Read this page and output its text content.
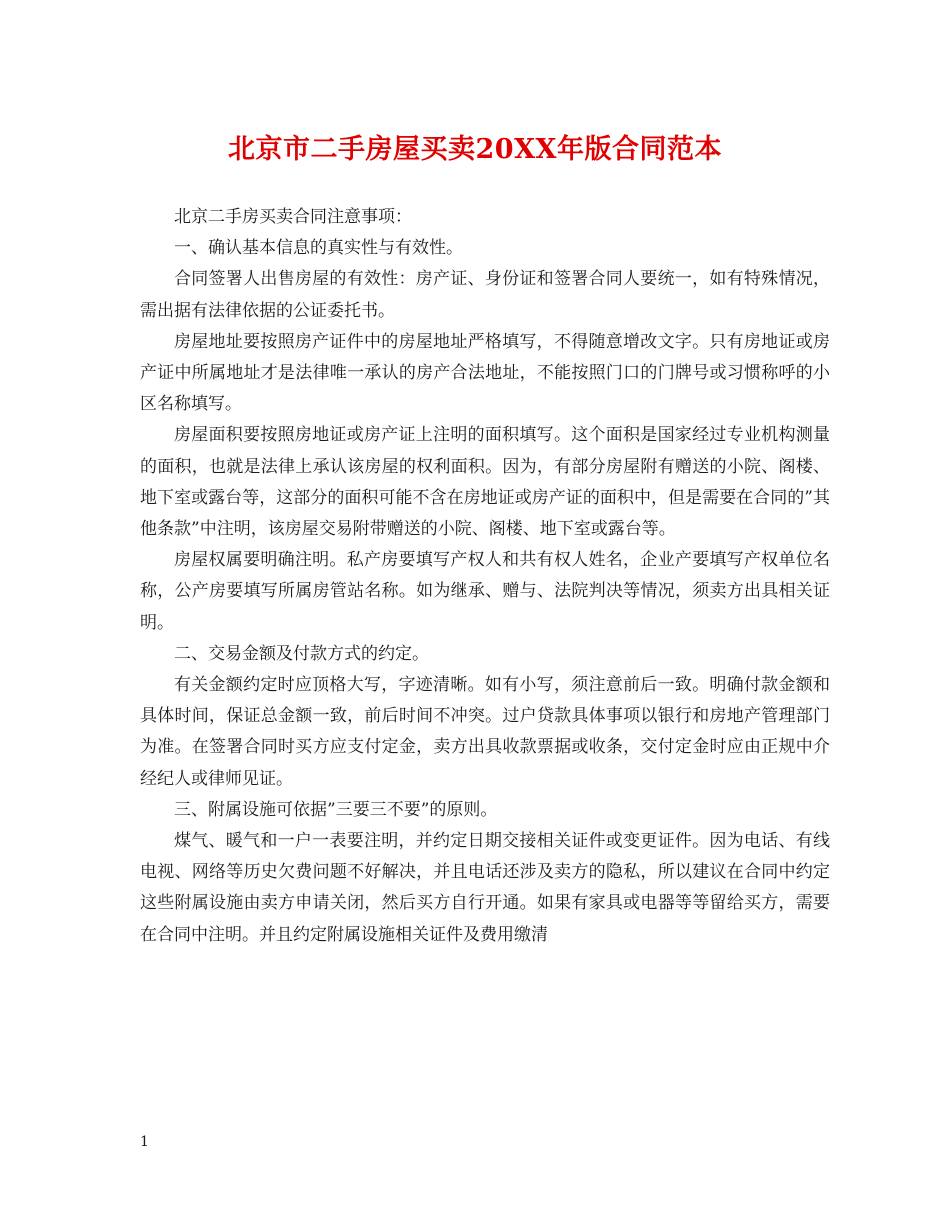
北京市二手房屋买卖20XX年版合同范本

北京二手房买卖合同注意事项：

一、确认基本信息的真实性与有效性。

合同签署人出售房屋的有效性：房产证、身份证和签署合同人要统一，如有特殊情况，需出据有法律依据的公证委托书。

房屋地址要按照房产证件中的房屋地址严格填写，不得随意增改文字。只有房地证或房产证中所属地址才是法律唯一承认的房产合法地址，不能按照门口的门牌号或习惯称呼的小区名称填写。

房屋面积要按照房地证或房产证上注明的面积填写。这个面积是国家经过专业机构测量的面积，也就是法律上承认该房屋的权利面积。因为，有部分房屋附有赠送的小院、阁楼、地下室或露台等，这部分的面积可能不含在房地证或房产证的面积中，但是需要在合同的”其他条款”中注明，该房屋交易附带赠送的小院、阁楼、地下室或露台等。

房屋权属要明确注明。私产房要填写产权人和共有权人姓名，企业产要填写产权单位名称，公产房要填写所属房管站名称。如为继承、赠与、法院判决等情况，须卖方出具相关证明。

二、交易金额及付款方式的约定。

有关金额约定时应顶格大写，字迹清晰。如有小写，须注意前后一致。明确付款金额和具体时间，保证总金额一致，前后时间不冲突。过户贷款具体事项以银行和房地产管理部门为准。在签署合同时买方应支付定金，卖方出具收款票据或收条，交付定金时应由正规中介经纪人或律师见证。

三、附属设施可依据”三要三不要”的原则。

煤气、暖气和一户一表要注明，并约定日期交接相关证件或变更证件。因为电话、有线电视、网络等历史欠费问题不好解决，并且电话还涉及卖方的隐私，所以建议在合同中约定这些附属设施由卖方申请关闭，然后买方自行开通。如果有家具或电器等等留给买方，需要在合同中注明。并且约定附属设施相关证件及费用缴清

1
